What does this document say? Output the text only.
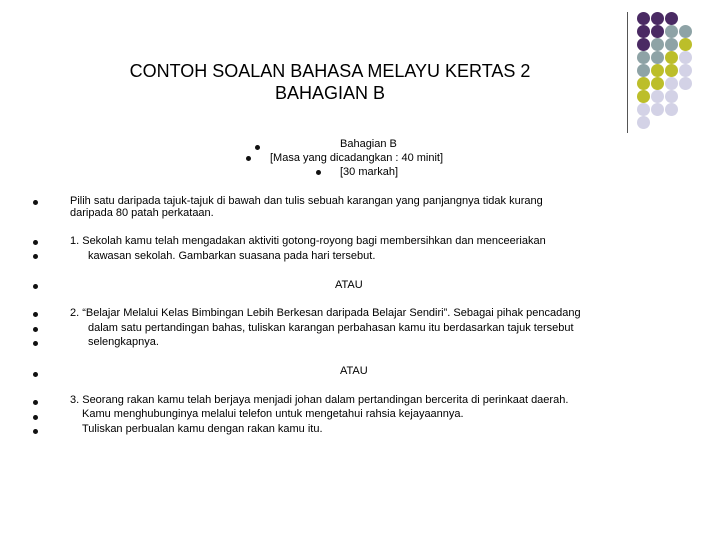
CONTOH SOALAN BAHASA MELAYU KERTAS 2
BAHAGIAN B
Bahagian B
[Masa yang dicadangkan : 40 minit]
[30 markah]
Pilih satu daripada tajuk-tajuk di bawah dan tulis sebuah karangan yang panjangnya tidak kurang
daripada 80 patah perkataan.
1. Sekolah kamu telah mengadakan aktiviti gotong-royong bagi membersihkan dan menceeriakan
kawasan sekolah. Gambarkan suasana pada hari tersebut.
ATAU
2. “Belajar Melalui Kelas Bimbingan Lebih Berkesan daripada Belajar Sendiri”. Sebagai pihak pencadang
dalam satu pertandingan bahas, tuliskan karangan perbahasan kamu itu berdasarkan tajuk tersebut
selengkapnya.
ATAU
3. Seorang rakan kamu telah berjaya menjadi johan dalam pertandingan bercerita di perinkaat daerah.
Kamu menghubunginya melalui telefon untuk mengetahui rahsia kejayaannya.
Tuliskan perbualan kamu dengan rakan kamu itu.
